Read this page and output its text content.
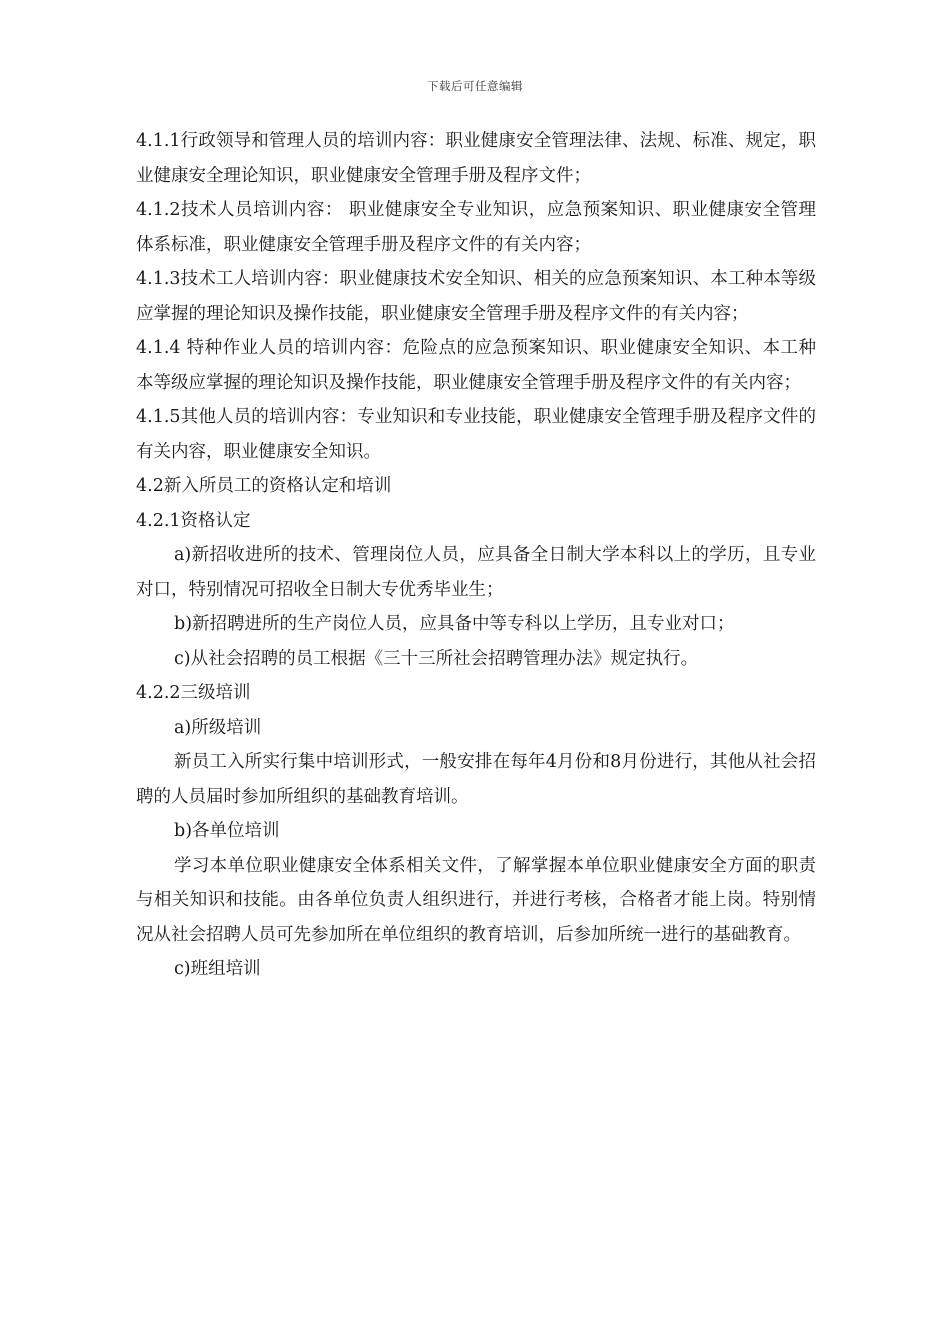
下载后可任意编辑

4.1.1行政领导和管理人员的培训内容：职业健康安全管理法律、法规、标准、规定，职业健康安全理论知识，职业健康安全管理手册及程序文件；

4.1.2技术人员培训内容： 职业健康安全专业知识，应急预案知识、职业健康安全管理体系标准，职业健康安全管理手册及程序文件的有关内容；

4.1.3技术工人培训内容：职业健康技术安全知识、相关的应急预案知识、本工种本等级应掌握的理论知识及操作技能，职业健康安全管理手册及程序文件的有关内容；

4.1.4 特种作业人员的培训内容：危险点的应急预案知识、职业健康安全知识、本工种本等级应掌握的理论知识及操作技能，职业健康安全管理手册及程序文件的有关内容；

4.1.5其他人员的培训内容：专业知识和专业技能，职业健康安全管理手册及程序文件的有关内容，职业健康安全知识。

4.2新入所员工的资格认定和培训

4.2.1资格认定

a)新招收进所的技术、管理岗位人员，应具备全日制大学本科以上的学历，且专业对口，特别情况可招收全日制大专优秀毕业生；

b)新招聘进所的生产岗位人员，应具备中等专科以上学历，且专业对口；

c)从社会招聘的员工根据《三十三所社会招聘管理办法》规定执行。

4.2.2三级培训

a)所级培训

新员工入所实行集中培训形式，一般安排在每年4月份和8月份进行，其他从社会招聘的人员届时参加所组织的基础教育培训。

b)各单位培训

学习本单位职业健康安全体系相关文件，了解掌握本单位职业健康安全方面的职责与相关知识和技能。由各单位负责人组织进行，并进行考核，合格者才能上岗。特别情况从社会招聘人员可先参加所在单位组织的教育培训，后参加所统一进行的基础教育。

c)班组培训
